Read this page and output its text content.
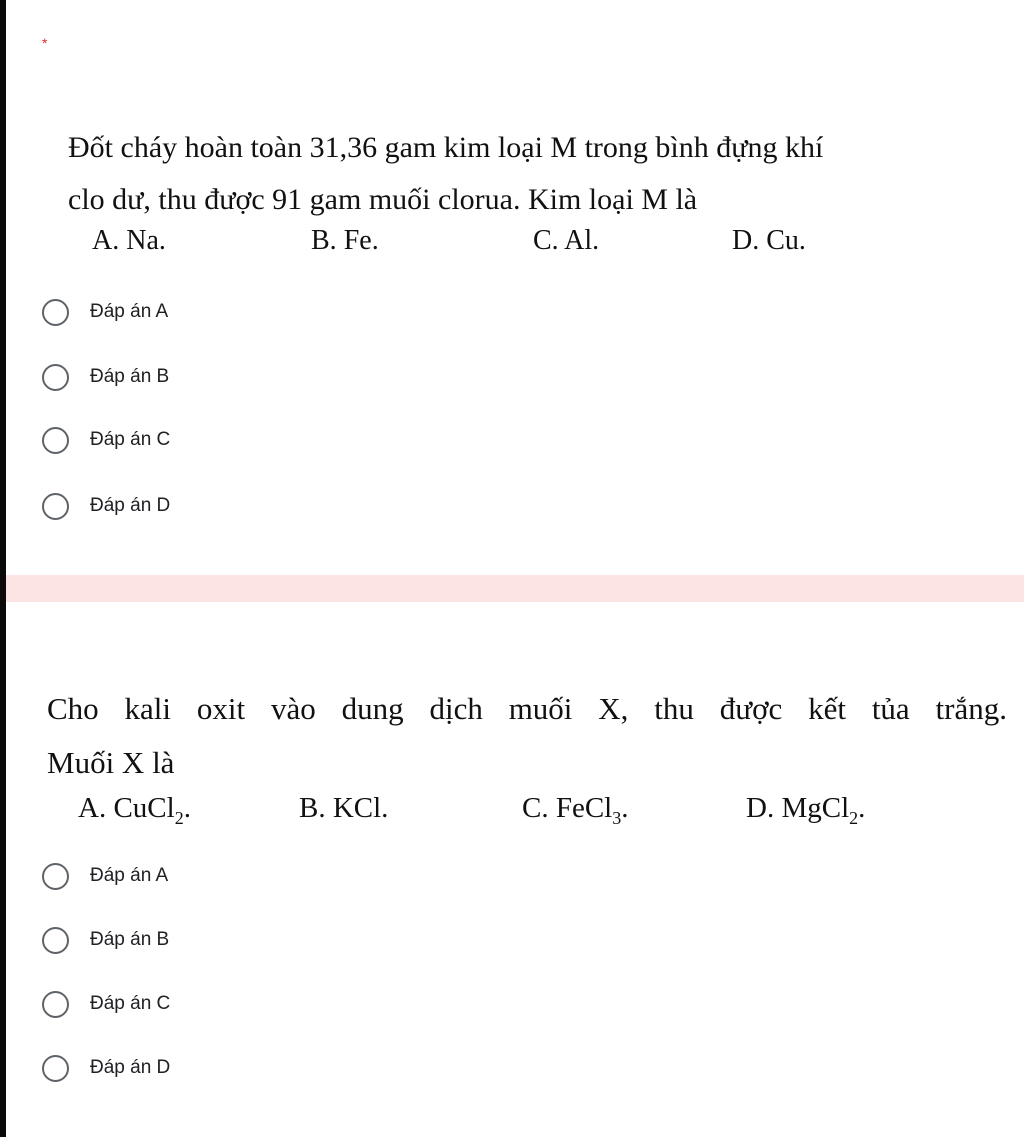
*

Đốt cháy hoàn toàn 31,36 gam kim loại M trong bình đựng khí

clo dư, thu được 91 gam muối clorua. Kim loại M là

A. Na.	B. Fe.	C. Al.	D. Cu.
Đáp án A
Đáp án B
Đáp án C
Đáp án D

Cho kali oxit vào dung dịch muối X, thu được kết tủa trắng.

Muối X là

A. CuCl$_2$.	B. KCl.	C. FeCl$_3$.	D. MgCl$_2$.
Đáp án A
Đáp án B
Đáp án C
Đáp án D
